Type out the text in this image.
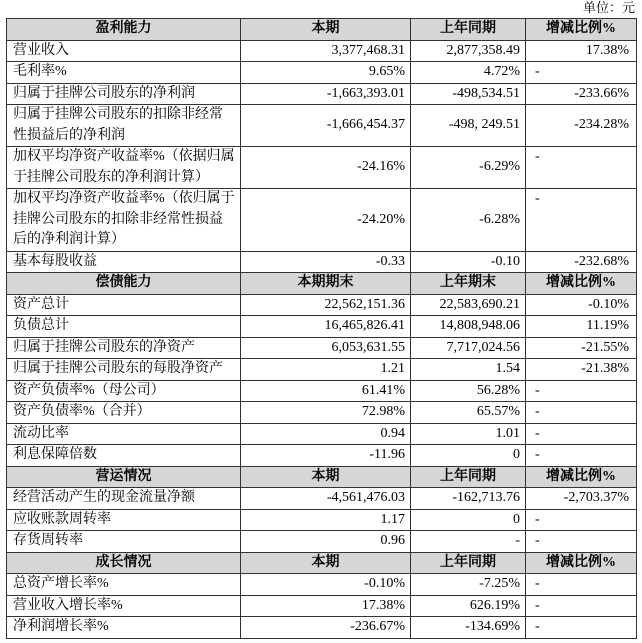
单位：元
盈利能力	本期	上年同期	增减比例%
营业收入	3,377,468.31	2,877,358.49	17.38%
毛利率%	9.65%	4.72%	-
归属于挂牌公司股东的净利润	-1,663,393.01	-498,534.51	-233.66%
归属于挂牌公司股东的扣除非经常
性损益后的净利润	-1,666,454.37	-498, 249.51	-234.28%
加权平均净资产收益率%（依据归属
于挂牌公司股东的净利润计算）	-24.16%	-6.29%	-
加权平均净资产收益率%（依归属于
挂牌公司股东的扣除非经常性损益
后的净利润计算）	-24.20%	-6.28%	-
基本每股收益	-0.33	-0.10	-232.68%
偿债能力	本期期末	上年期末	增减比例%
资产总计	22,562,151.36	22,583,690.21	-0.10%
负债总计	16,465,826.41	14,808,948.06	11.19%
归属于挂牌公司股东的净资产	6,053,631.55	7,717,024.56	-21.55%
归属于挂牌公司股东的每股净资产	1.21	1.54	-21.38%
资产负债率%（母公司）	61.41%	56.28%	-
资产负债率%（合并）	72.98%	65.57%	-
流动比率	0.94	1.01	-
利息保障倍数	-11.96	0	-
营运情况	本期	上年同期	增减比例%
经营活动产生的现金流量净额	-4,561,476.03	-162,713.76	-2,703.37%
应收账款周转率	1.17	0	-
存货周转率	0.96	-	-
成长情况	本期	上年同期	增减比例%
总资产增长率%	-0.10%	-7.25%	-
营业收入增长率%	17.38%	626.19%	-
净利润增长率%	-236.67%	-134.69%	-
